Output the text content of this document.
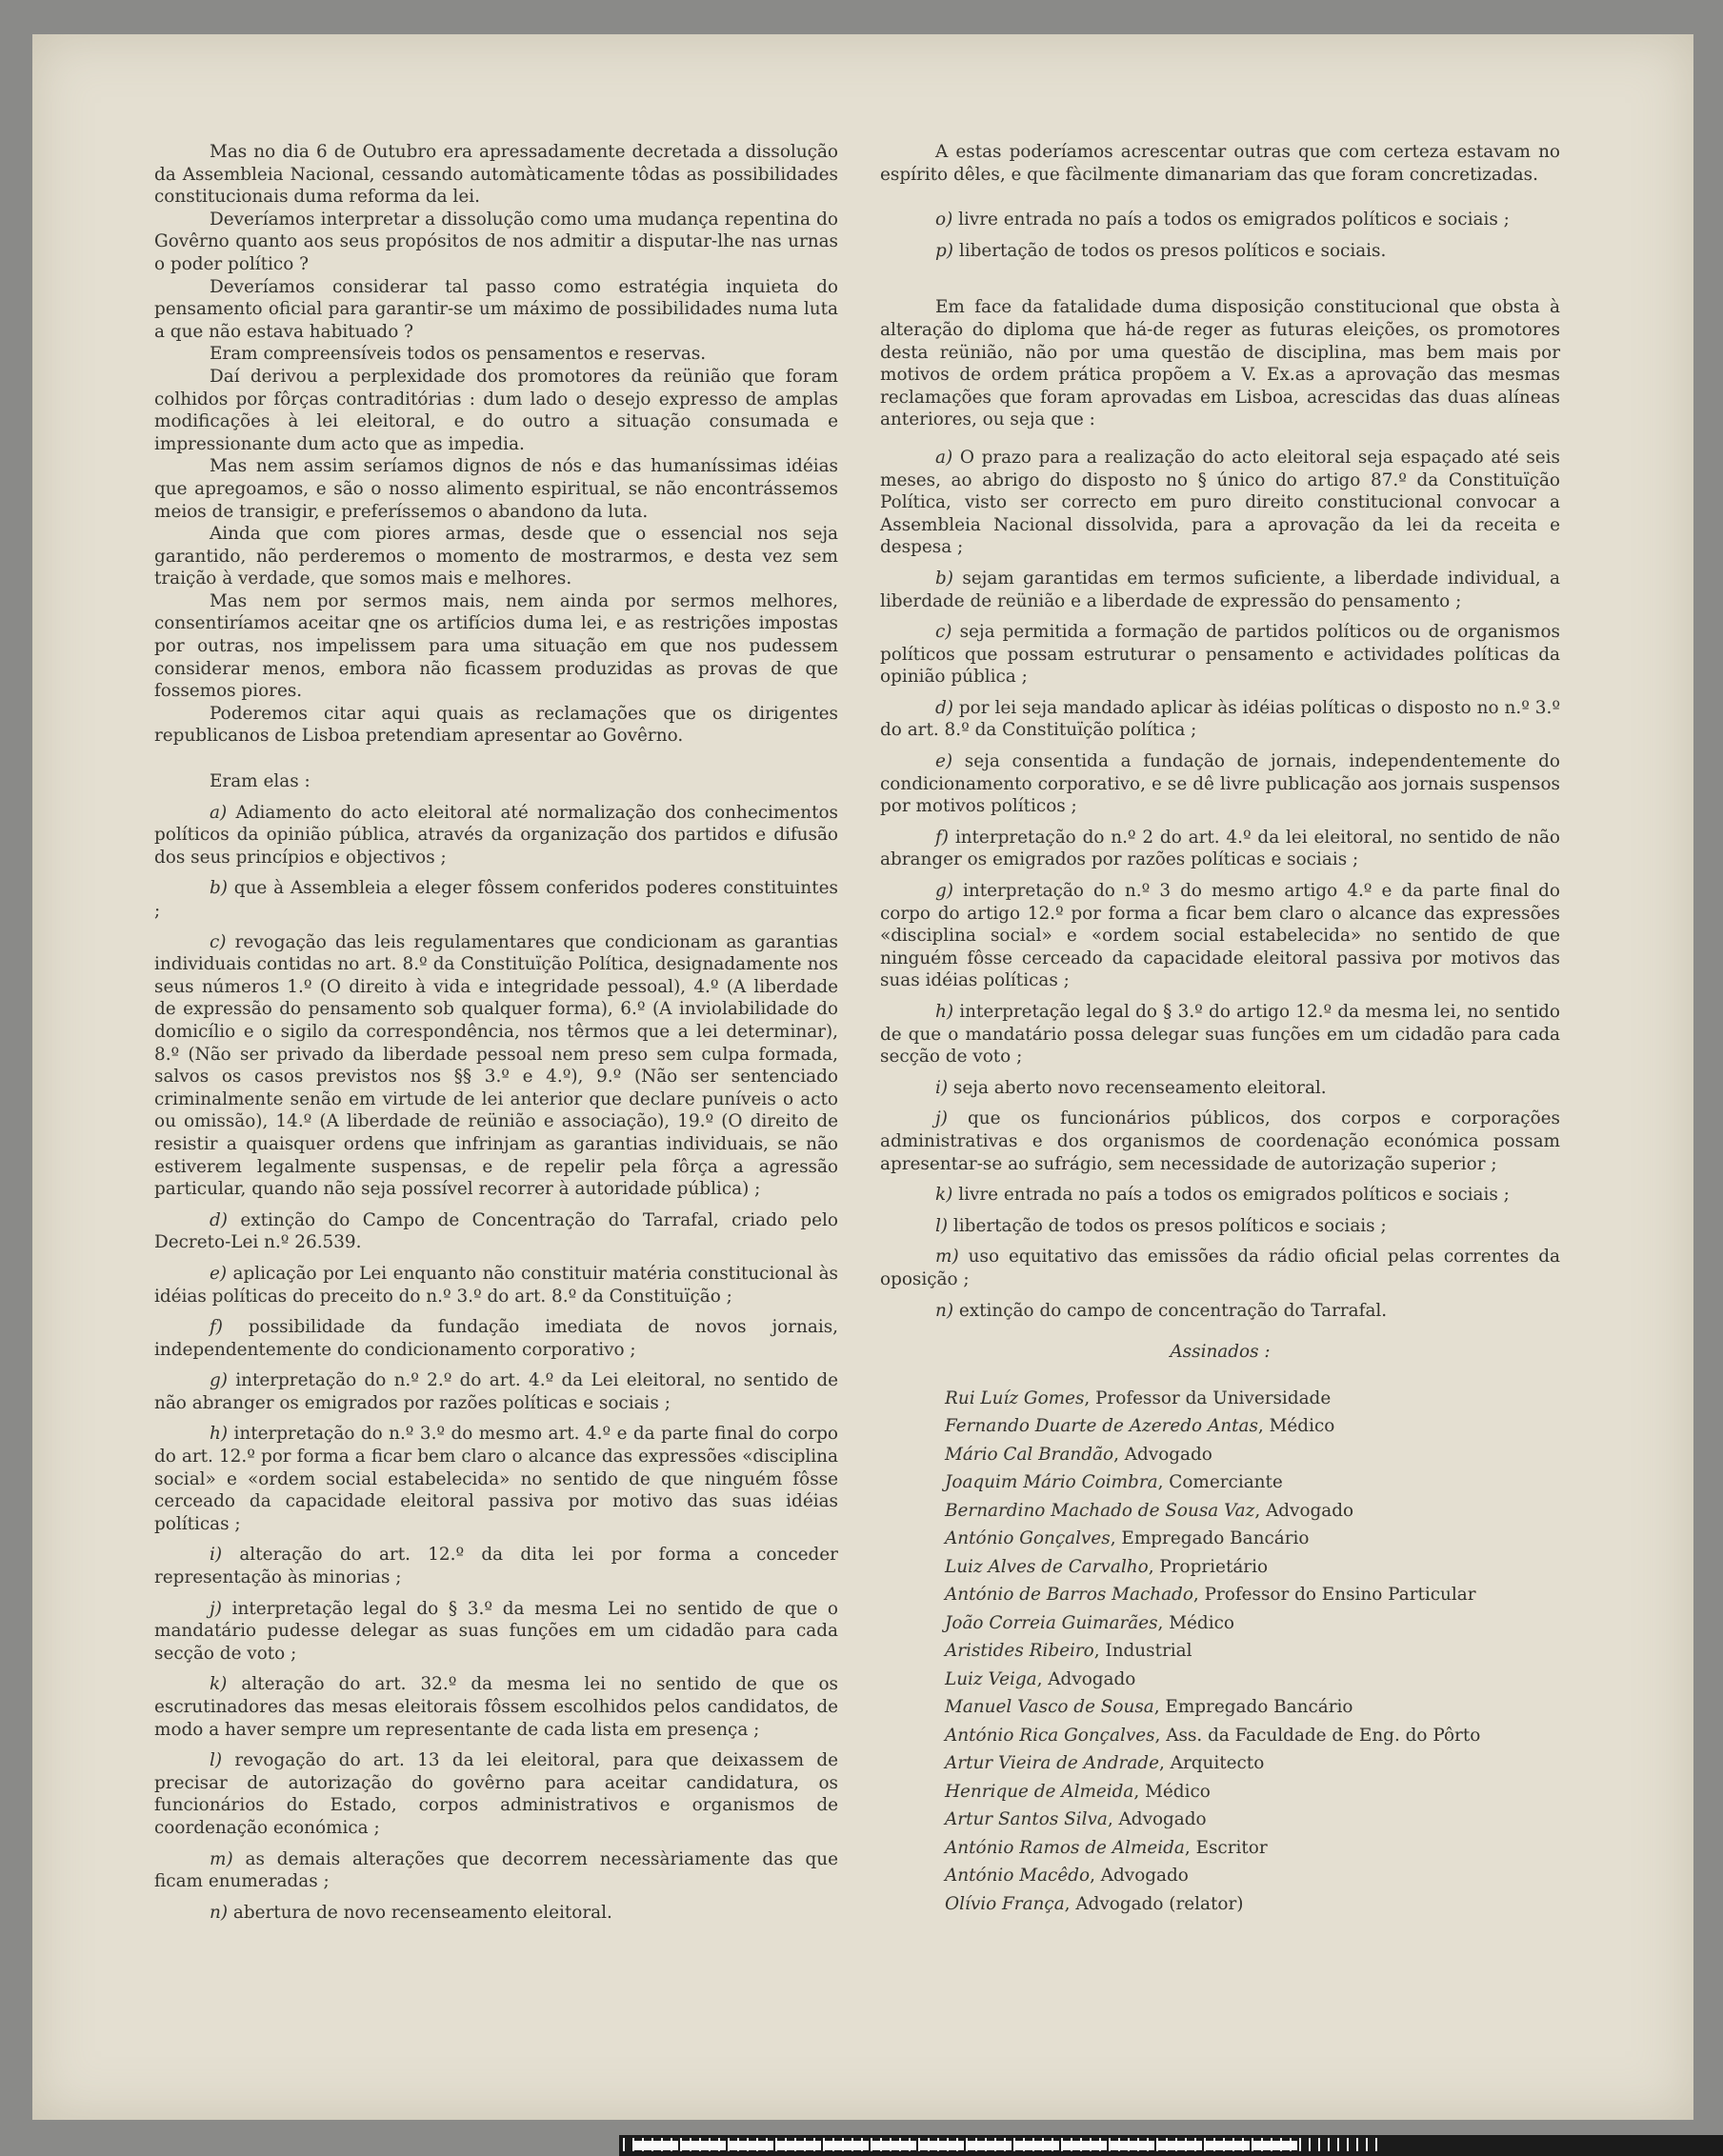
Mas no dia 6 de Outubro era apressadamente decretada a dissolução da Assembleia Nacional, cessando automàticamente tôdas as possibilidades constitucionais duma reforma da lei.

Deveríamos interpretar a dissolução como uma mudança repentina do Govêrno quanto aos seus propósitos de nos admitir a disputar-lhe nas urnas o poder político ?

Deveríamos considerar tal passo como estratégia inquieta do pensamento oficial para garantir-se um máximo de possibilidades numa luta a que não estava habituado ?

Eram compreensíveis todos os pensamentos e reservas.

Daí derivou a perplexidade dos promotores da reünião que foram colhidos por fôrças contraditórias : dum lado o desejo expresso de amplas modificações à lei eleitoral, e do outro a situação consumada e impressionante dum acto que as impedia.

Mas nem assim seríamos dignos de nós e das humaníssimas idéias que apregoamos, e são o nosso alimento espiritual, se não encontrássemos meios de transigir, e preferíssemos o abandono da luta.

Ainda que com piores armas, desde que o essencial nos seja garantido, não perderemos o momento de mostrarmos, e desta vez sem traição à verdade, que somos mais e melhores.

Mas nem por sermos mais, nem ainda por sermos melhores, consentiríamos aceitar qne os artifícios duma lei, e as restrições impostas por outras, nos impelissem para uma situação em que nos pudessem considerar menos, embora não ficassem produzidas as provas de que fossemos piores.

Poderemos citar aqui quais as reclamações que os dirigentes republicanos de Lisboa pretendiam apresentar ao Govêrno.

Eram elas :

a) Adiamento do acto eleitoral até normalização dos conhecimentos políticos da opinião pública, através da organização dos partidos e difusão dos seus princípios e objectivos ;

b) que à Assembleia a eleger fôssem conferidos poderes constituintes ;

c) revogação das leis regulamentares que condicionam as garantias individuais contidas no art. 8.º da Constituïção Política, designadamente nos seus números 1.º (O direito à vida e integridade pessoal), 4.º (A liberdade de expressão do pensamento sob qualquer forma), 6.º (A inviolabilidade do domicílio e o sigilo da correspondência, nos têrmos que a lei determinar), 8.º (Não ser privado da liberdade pessoal nem preso sem culpa formada, salvos os casos previstos nos §§ 3.º e 4.º), 9.º (Não ser sentenciado criminalmente senão em virtude de lei anterior que declare puníveis o acto ou omissão), 14.º (A liberdade de reünião e associação), 19.º (O direito de resistir a quaisquer ordens que infrinjam as garantias individuais, se não estiverem legalmente suspensas, e de repelir pela fôrça a agressão particular, quando não seja possível recorrer à autoridade pública) ;

d) extinção do Campo de Concentração do Tarrafal, criado pelo Decreto-Lei n.º 26.539.

e) aplicação por Lei enquanto não constituir matéria constitucional às idéias políticas do preceito do n.º 3.º do art. 8.º da Constituïção ;

f) possibilidade da fundação imediata de novos jornais, independentemente do condicionamento corporativo ;

g) interpretação do n.º 2.º do art. 4.º da Lei eleitoral, no sentido de não abranger os emigrados por razões políticas e sociais ;

h) interpretação do n.º 3.º do mesmo art. 4.º e da parte final do corpo do art. 12.º por forma a ficar bem claro o alcance das expressões «disciplina social» e «ordem social estabelecida» no sentido de que ninguém fôsse cerceado da capacidade eleitoral passiva por motivo das suas idéias políticas ;

i) alteração do art. 12.º da dita lei por forma a conceder representação às minorias ;

j) interpretação legal do § 3.º da mesma Lei no sentido de que o mandatário pudesse delegar as suas funções em um cidadão para cada secção de voto ;

k) alteração do art. 32.º da mesma lei no sentido de que os escrutinadores das mesas eleitorais fôssem escolhidos pelos candidatos, de modo a haver sempre um representante de cada lista em presença ;

l) revogação do art. 13 da lei eleitoral, para que deixassem de precisar de autorização do govêrno para aceitar candidatura, os funcionários do Estado, corpos administrativos e organismos de coordenação económica ;

m) as demais alterações que decorrem necessàriamente das que ficam enumeradas ;

n) abertura de novo recenseamento eleitoral.

A estas poderíamos acrescentar outras que com certeza estavam no espírito dêles, e que fàcilmente dimanariam das que foram concretizadas.

o) livre entrada no país a todos os emigrados políticos e sociais ;

p) libertação de todos os presos políticos e sociais.

Em face da fatalidade duma disposição constitucional que obsta à alteração do diploma que há-de reger as futuras eleições, os promotores desta reünião, não por uma questão de disciplina, mas bem mais por motivos de ordem prática propõem a V. Ex.as a aprovação das mesmas reclamações que foram aprovadas em Lisboa, acrescidas das duas alíneas anteriores, ou seja que :

a) O prazo para a realização do acto eleitoral seja espaçado até seis meses, ao abrigo do disposto no § único do artigo 87.º da Constituïção Política, visto ser correcto em puro direito constitucional convocar a Assembleia Nacional dissolvida, para a aprovação da lei da receita e despesa ;

b) sejam garantidas em termos suficiente, a liberdade individual, a liberdade de reünião e a liberdade de expressão do pensamento ;

c) seja permitida a formação de partidos políticos ou de organismos políticos que possam estruturar o pensamento e actividades políticas da opinião pública ;

d) por lei seja mandado aplicar às idéias políticas o disposto no n.º 3.º do art. 8.º da Constituïção política ;

e) seja consentida a fundação de jornais, independentemente do condicionamento corporativo, e se dê livre publicação aos jornais suspensos por motivos políticos ;

f) interpretação do n.º 2 do art. 4.º da lei eleitoral, no sentido de não abranger os emigrados por razões políticas e sociais ;

g) interpretação do n.º 3 do mesmo artigo 4.º e da parte final do corpo do artigo 12.º por forma a ficar bem claro o alcance das expressões «disciplina social» e «ordem social estabelecida» no sentido de que ninguém fôsse cerceado da capacidade eleitoral passiva por motivos das suas idéias políticas ;

h) interpretação legal do § 3.º do artigo 12.º da mesma lei, no sentido de que o mandatário possa delegar suas funções em um cidadão para cada secção de voto ;

i) seja aberto novo recenseamento eleitoral.

j) que os funcionários públicos, dos corpos e corporações administrativas e dos organismos de coordenação económica possam apresentar-se ao sufrágio, sem necessidade de autorização superior ;

k) livre entrada no país a todos os emigrados políticos e sociais ;

l) libertação de todos os presos políticos e sociais ;

m) uso equitativo das emissões da rádio oficial pelas correntes da oposição ;

n) extinção do campo de concentração do Tarrafal.

Assinados :

Rui Luíz Gomes, Professor da Universidade
Fernando Duarte de Azeredo Antas, Médico
Mário Cal Brandão, Advogado
Joaquim Mário Coimbra, Comerciante
Bernardino Machado de Sousa Vaz, Advogado
António Gonçalves, Empregado Bancário
Luiz Alves de Carvalho, Proprietário
António de Barros Machado, Professor do Ensino Particular
João Correia Guimarães, Médico
Aristides Ribeiro, Industrial
Luiz Veiga, Advogado
Manuel Vasco de Sousa, Empregado Bancário
António Rica Gonçalves, Ass. da Faculdade de Eng. do Pôrto
Artur Vieira de Andrade, Arquitecto
Henrique de Almeida, Médico
Artur Santos Silva, Advogado
António Ramos de Almeida, Escritor
António Macêdo, Advogado
Olívio França, Advogado (relator)
